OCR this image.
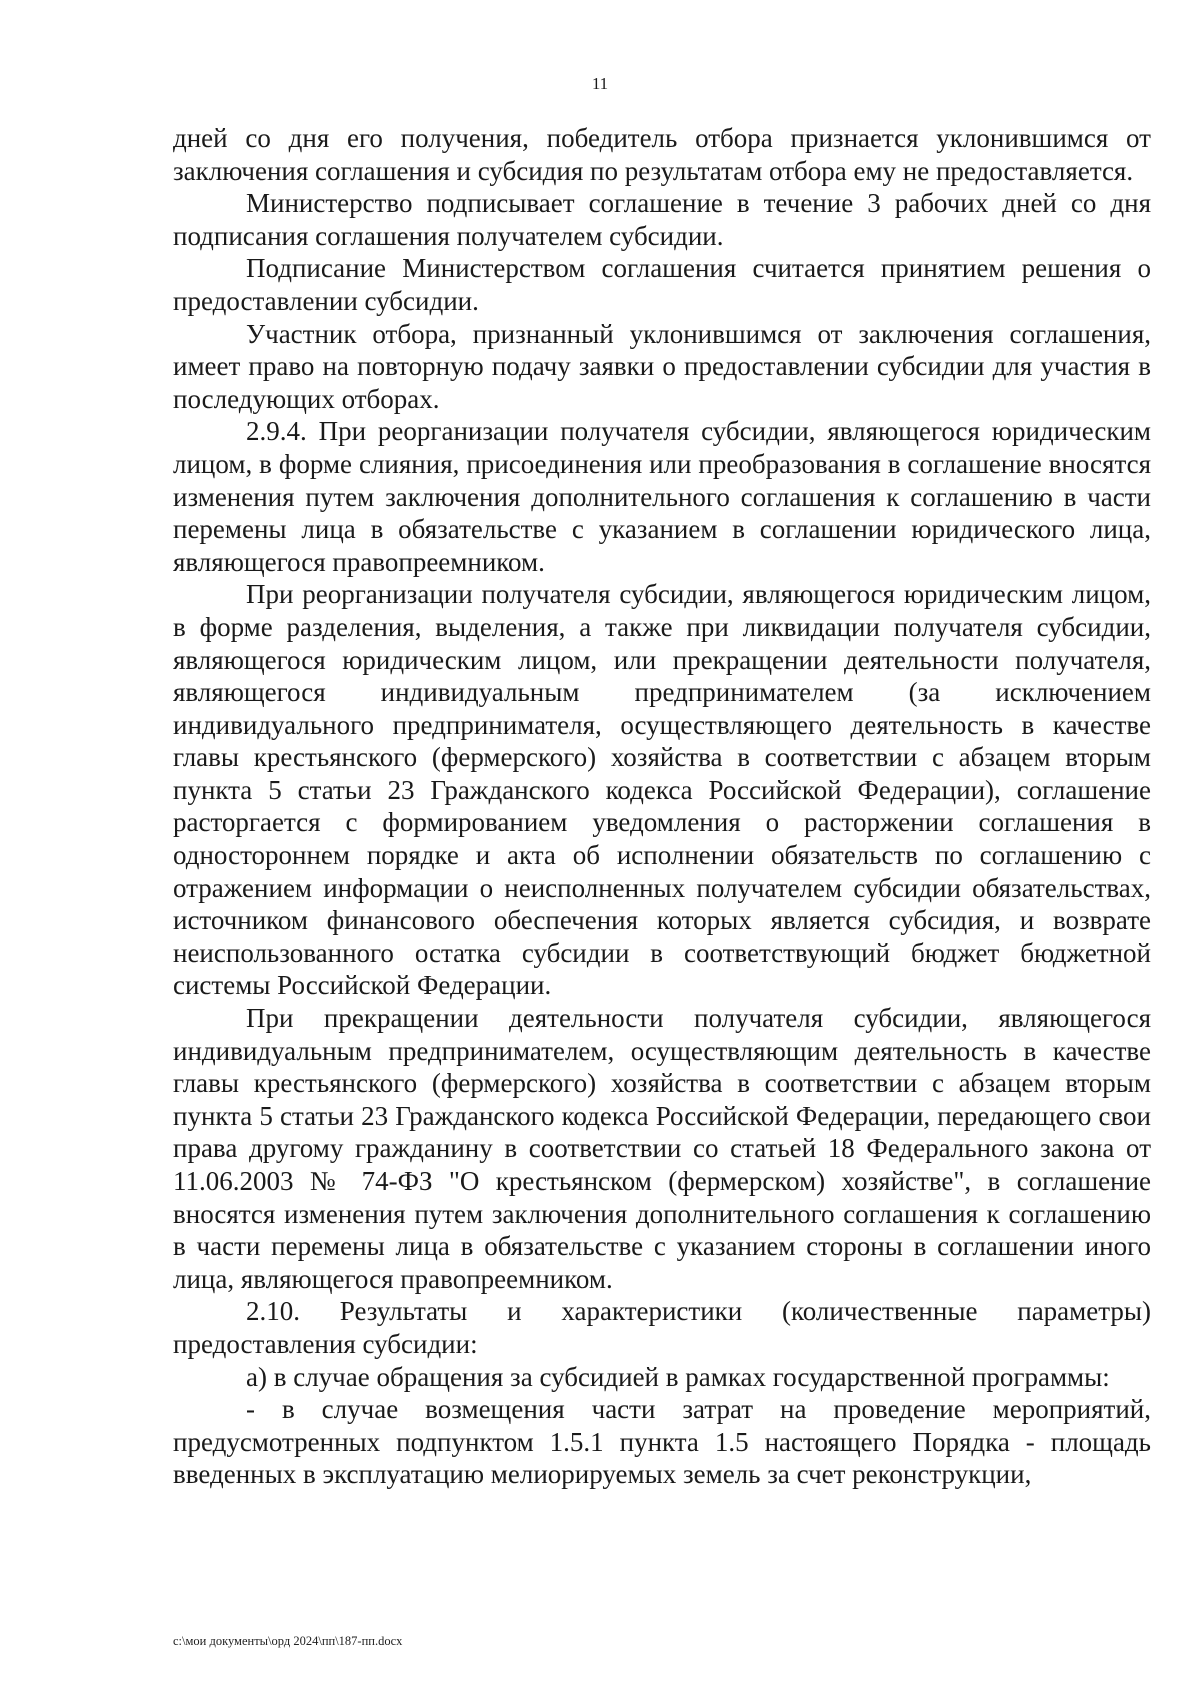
11

дней со дня его получения, победитель отбора признается уклонившимся от заключения соглашения и субсидия по результатам отбора ему не предоставляется.

Министерство подписывает соглашение в течение 3 рабочих дней со дня подписания соглашения получателем субсидии.

Подписание Министерством соглашения считается принятием решения о предоставлении субсидии.

Участник отбора, признанный уклонившимся от заключения соглашения, имеет право на повторную подачу заявки о предоставлении субсидии для участия в последующих отборах.

2.9.4. При реорганизации получателя субсидии, являющегося юридическим лицом, в форме слияния, присоединения или преобразования в соглашение вносятся изменения путем заключения дополнительного соглашения к соглашению в части перемены лица в обязательстве с указанием в соглашении юридического лица, являющегося правопреемником.

При реорганизации получателя субсидии, являющегося юридическим лицом, в форме разделения, выделения, а также при ликвидации получателя субсидии, являющегося юридическим лицом, или прекращении деятельности получателя, являющегося индивидуальным предпринимателем (за исключением индивидуального предпринимателя, осуществляющего деятельность в качестве главы крестьянского (фермерского) хозяйства в соответствии с абзацем вторым пункта 5 статьи 23 Гражданского кодекса Российской Федерации), соглашение расторгается с формированием уведомления о расторжении соглашения в одностороннем порядке и акта об исполнении обязательств по соглашению с отражением информации о неисполненных получателем субсидии обязательствах, источником финансового обеспечения которых является субсидия, и возврате неиспользованного остатка субсидии в соответствующий бюджет бюджетной системы Российской Федерации.

При прекращении деятельности получателя субсидии, являющегося индивидуальным предпринимателем, осуществляющим деятельность в качестве главы крестьянского (фермерского) хозяйства в соответствии с абзацем вторым пункта 5 статьи 23 Гражданского кодекса Российской Федерации, передающего свои права другому гражданину в соответствии со статьей 18 Федерального закона от 11.06.2003 № 74-ФЗ "О крестьянском (фермерском) хозяйстве", в соглашение вносятся изменения путем заключения дополнительного соглашения к соглашению в части перемены лица в обязательстве с указанием стороны в соглашении иного лица, являющегося правопреемником.

2.10. Результаты и характеристики (количественные параметры) предоставления субсидии:

а) в случае обращения за субсидией в рамках государственной программы:

- в случае возмещения части затрат на проведение мероприятий, предусмотренных подпунктом 1.5.1 пункта 1.5 настоящего Порядка - площадь введенных в эксплуатацию мелиорируемых земель за счет реконструкции,

c:\мои документы\орд 2024\пп\187-пп.docx
